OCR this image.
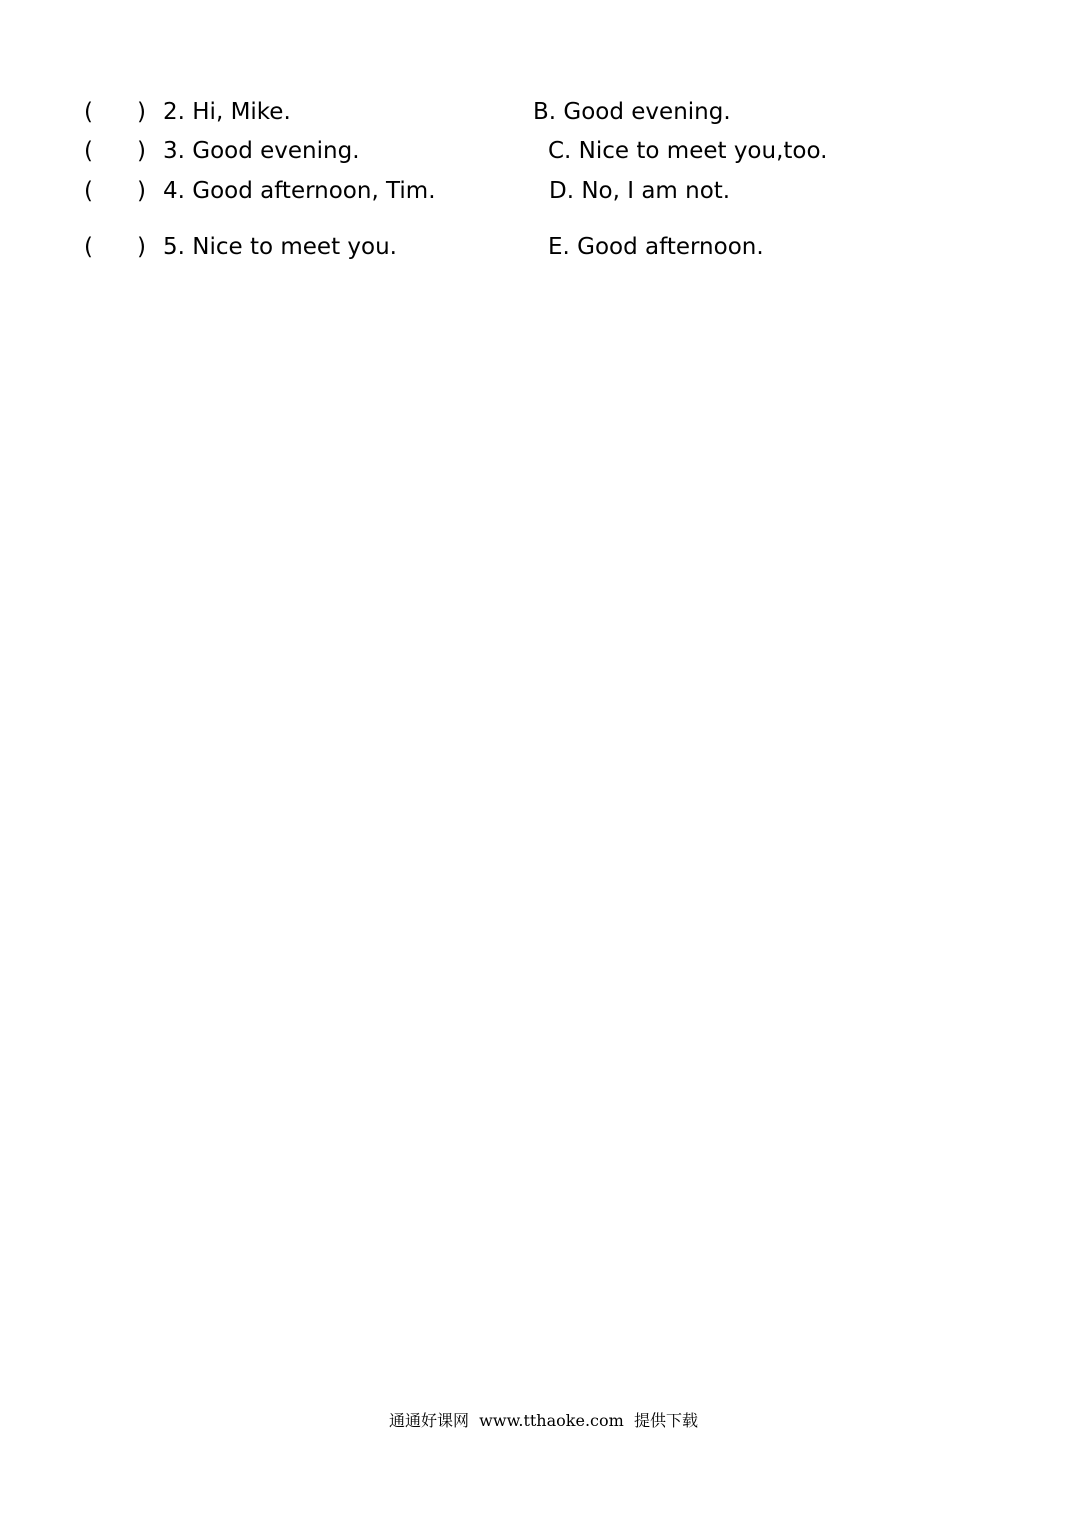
( ) 2. Hi, Mike.	B. Good evening.
( ) 3. Good evening.	C. Nice to meet you,too.
( ) 4. Good afternoon, Tim.	D. No, I am not.
( ) 5. Nice to meet you.	E. Good afternoon.
通通好课网  www.tthaoke.com  提供下载
